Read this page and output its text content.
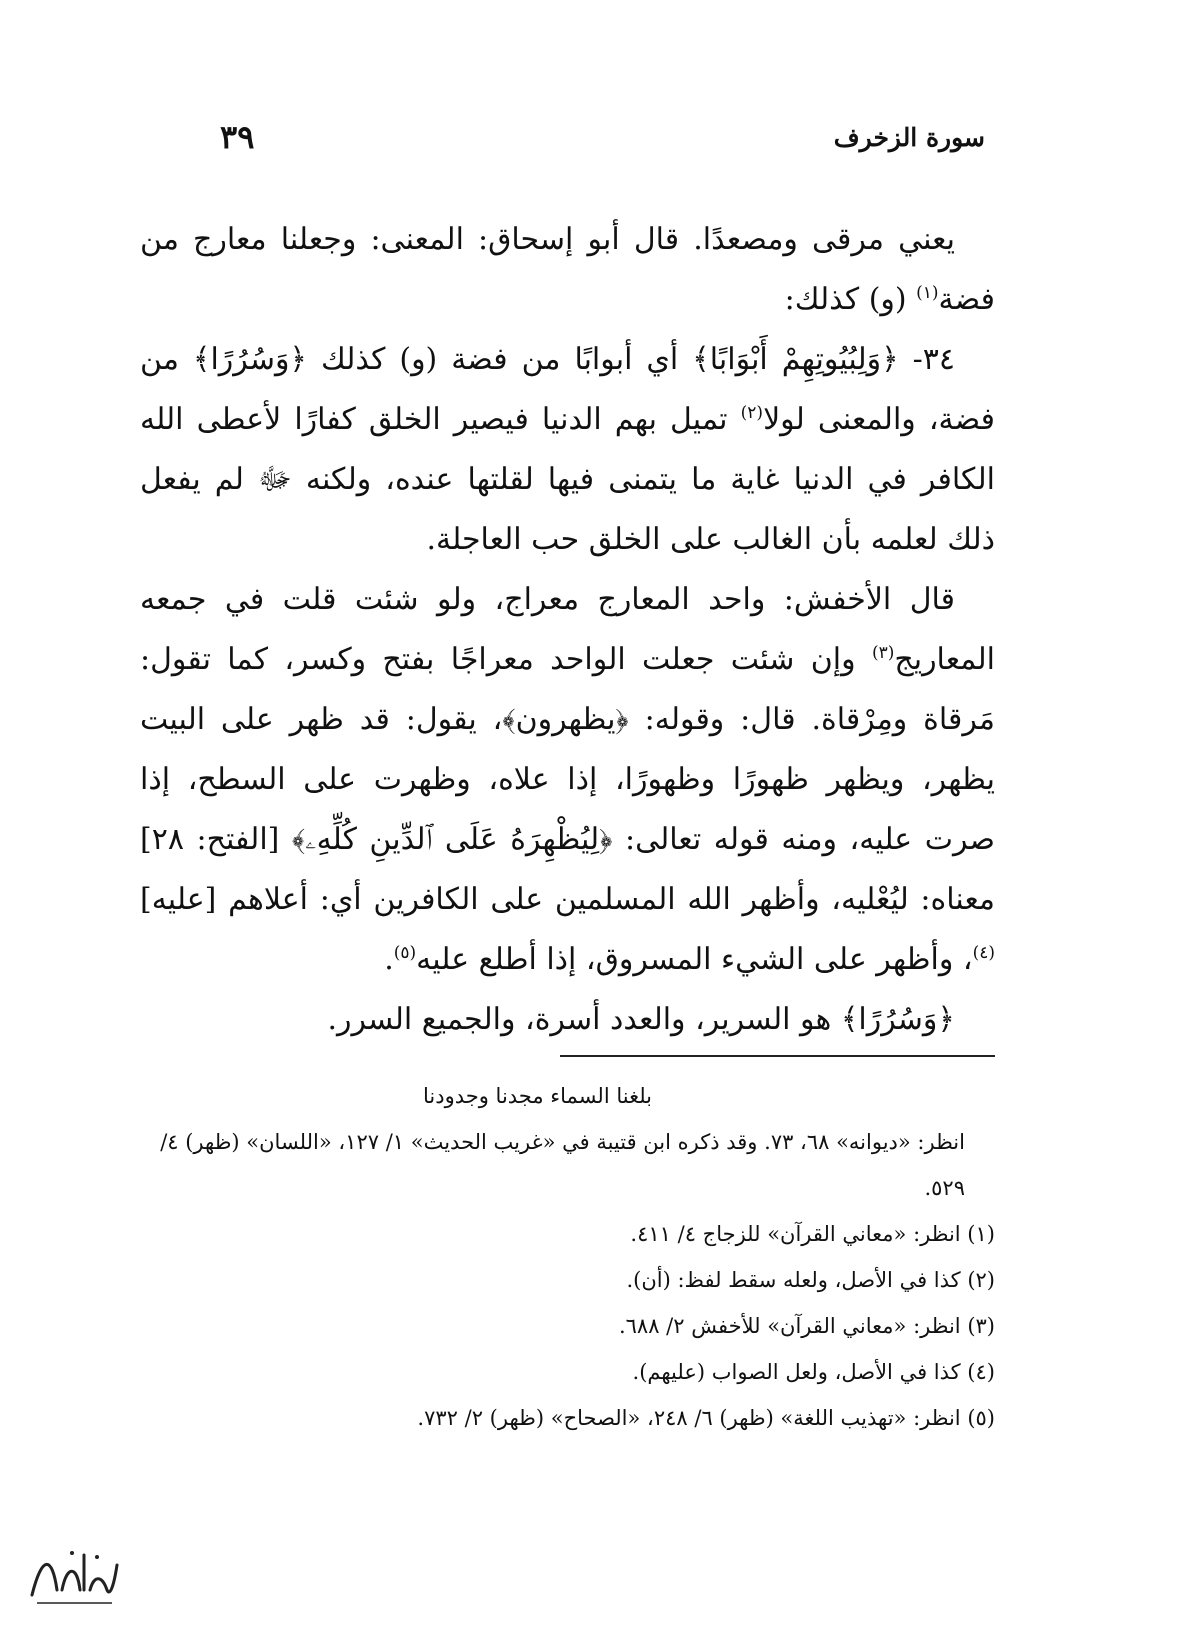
سورة الزخرف
٣٩

يعني مرقى ومصعدًا. قال أبو إسحاق: المعنى: وجعلنا معارج من فضة$^{(١)}$ (و) كذلك:

٣٤- ﴿وَلِبُيُوتِهِمْ أَبْوَابًا﴾ أي أبوابًا من فضة (و) كذلك ﴿وَسُرُرًا﴾ من فضة، والمعنى لولا$^{(٢)}$ تميل بهم الدنيا فيصير الخلق كفارًا لأعطى الله الكافر في الدنيا غاية ما يتمنى فيها لقلتها عنده، ولكنه ﷻ لم يفعل ذلك لعلمه بأن الغالب على الخلق حب العاجلة.

قال الأخفش: واحد المعارج معراج، ولو شئت قلت في جمعه المعاريج$^{(٣)}$ وإن شئت جعلت الواحد معراجًا بفتح وكسر، كما تقول: مَرقاة ومِرْقاة. قال: وقوله: ﴿يظهرون﴾، يقول: قد ظهر على البيت يظهر، ويظهر ظهورًا وظهورًا، إذا علاه، وظهرت على السطح، إذا صرت عليه، ومنه قوله تعالى: ﴿لِيُظْهِرَهُ عَلَى ٱلدِّينِ كُلِّهِۦ﴾ [الفتح: ٢٨] معناه: ليُعْليه، وأظهر الله المسلمين على الكافرين أي: أعلاهم [عليه]$^{(٤)}$، وأظهر على الشيء المسروق، إذا أطلع عليه$^{(٥)}$.

﴿وَسُرُرًا﴾ هو السرير، والعدد أسرة، والجميع السرر.

بلغنا السماء مجدنا وجدودنا
انظر: «ديوانه» ٦٨، ٧٣. وقد ذكره ابن قتيبة في «غريب الحديث» ١/ ١٢٧، «اللسان» (ظهر) ٤/ ٥٢٩.
(١) انظر: «معاني القرآن» للزجاج ٤/ ٤١١.
(٢) كذا في الأصل، ولعله سقط لفظ: (أن).
(٣) انظر: «معاني القرآن» للأخفش ٢/ ٦٨٨.
(٤) كذا في الأصل، ولعل الصواب (عليهم).
(٥) انظر: «تهذيب اللغة» (ظهر) ٦/ ٢٤٨، «الصحاح» (ظهر) ٢/ ٧٣٢.
